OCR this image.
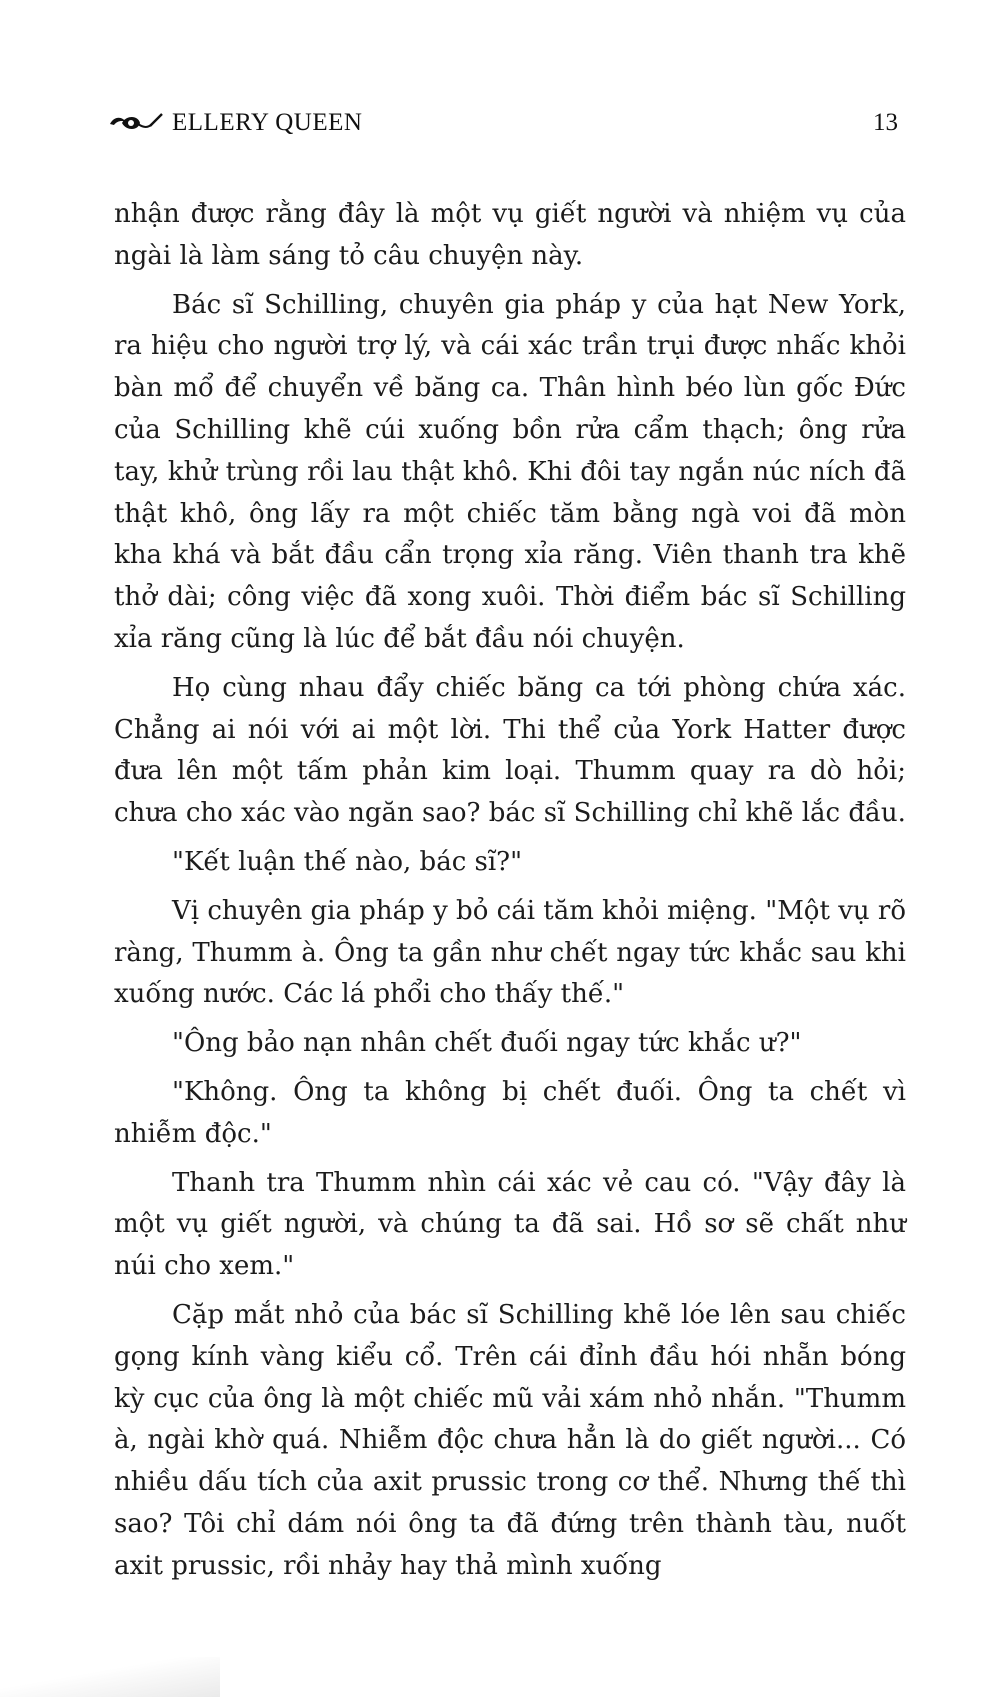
ELLERY QUEEN	13

nhận được rằng đây là một vụ giết người và nhiệm vụ của ngài là làm sáng tỏ câu chuyện này.

Bác sĩ Schilling, chuyên gia pháp y của hạt New York, ra hiệu cho người trợ lý, và cái xác trần trụi được nhấc khỏi bàn mổ để chuyển về băng ca. Thân hình béo lùn gốc Đức của Schilling khẽ cúi xuống bồn rửa cẩm thạch; ông rửa tay, khử trùng rồi lau thật khô. Khi đôi tay ngắn núc ních đã thật khô, ông lấy ra một chiếc tăm bằng ngà voi đã mòn kha khá và bắt đầu cẩn trọng xỉa răng. Viên thanh tra khẽ thở dài; công việc đã xong xuôi. Thời điểm bác sĩ Schilling xỉa răng cũng là lúc để bắt đầu nói chuyện.

Họ cùng nhau đẩy chiếc băng ca tới phòng chứa xác. Chẳng ai nói với ai một lời. Thi thể của York Hatter được đưa lên một tấm phản kim loại. Thumm quay ra dò hỏi; chưa cho xác vào ngăn sao? bác sĩ Schilling chỉ khẽ lắc đầu.

"Kết luận thế nào, bác sĩ?"

Vị chuyên gia pháp y bỏ cái tăm khỏi miệng. "Một vụ rõ ràng, Thumm à. Ông ta gần như chết ngay tức khắc sau khi xuống nước. Các lá phổi cho thấy thế."

"Ông bảo nạn nhân chết đuối ngay tức khắc ư?"

"Không. Ông ta không bị chết đuối. Ông ta chết vì nhiễm độc."

Thanh tra Thumm nhìn cái xác vẻ cau có. "Vậy đây là một vụ giết người, và chúng ta đã sai. Hồ sơ sẽ chất như núi cho xem."

Cặp mắt nhỏ của bác sĩ Schilling khẽ lóe lên sau chiếc gọng kính vàng kiểu cổ. Trên cái đỉnh đầu hói nhẵn bóng kỳ cục của ông là một chiếc mũ vải xám nhỏ nhắn. "Thumm à, ngài khờ quá. Nhiễm độc chưa hẳn là do giết người... Có nhiều dấu tích của axit prussic trong cơ thể. Nhưng thế thì sao? Tôi chỉ dám nói ông ta đã đứng trên thành tàu, nuốt axit prussic, rồi nhảy hay thả mình xuống
